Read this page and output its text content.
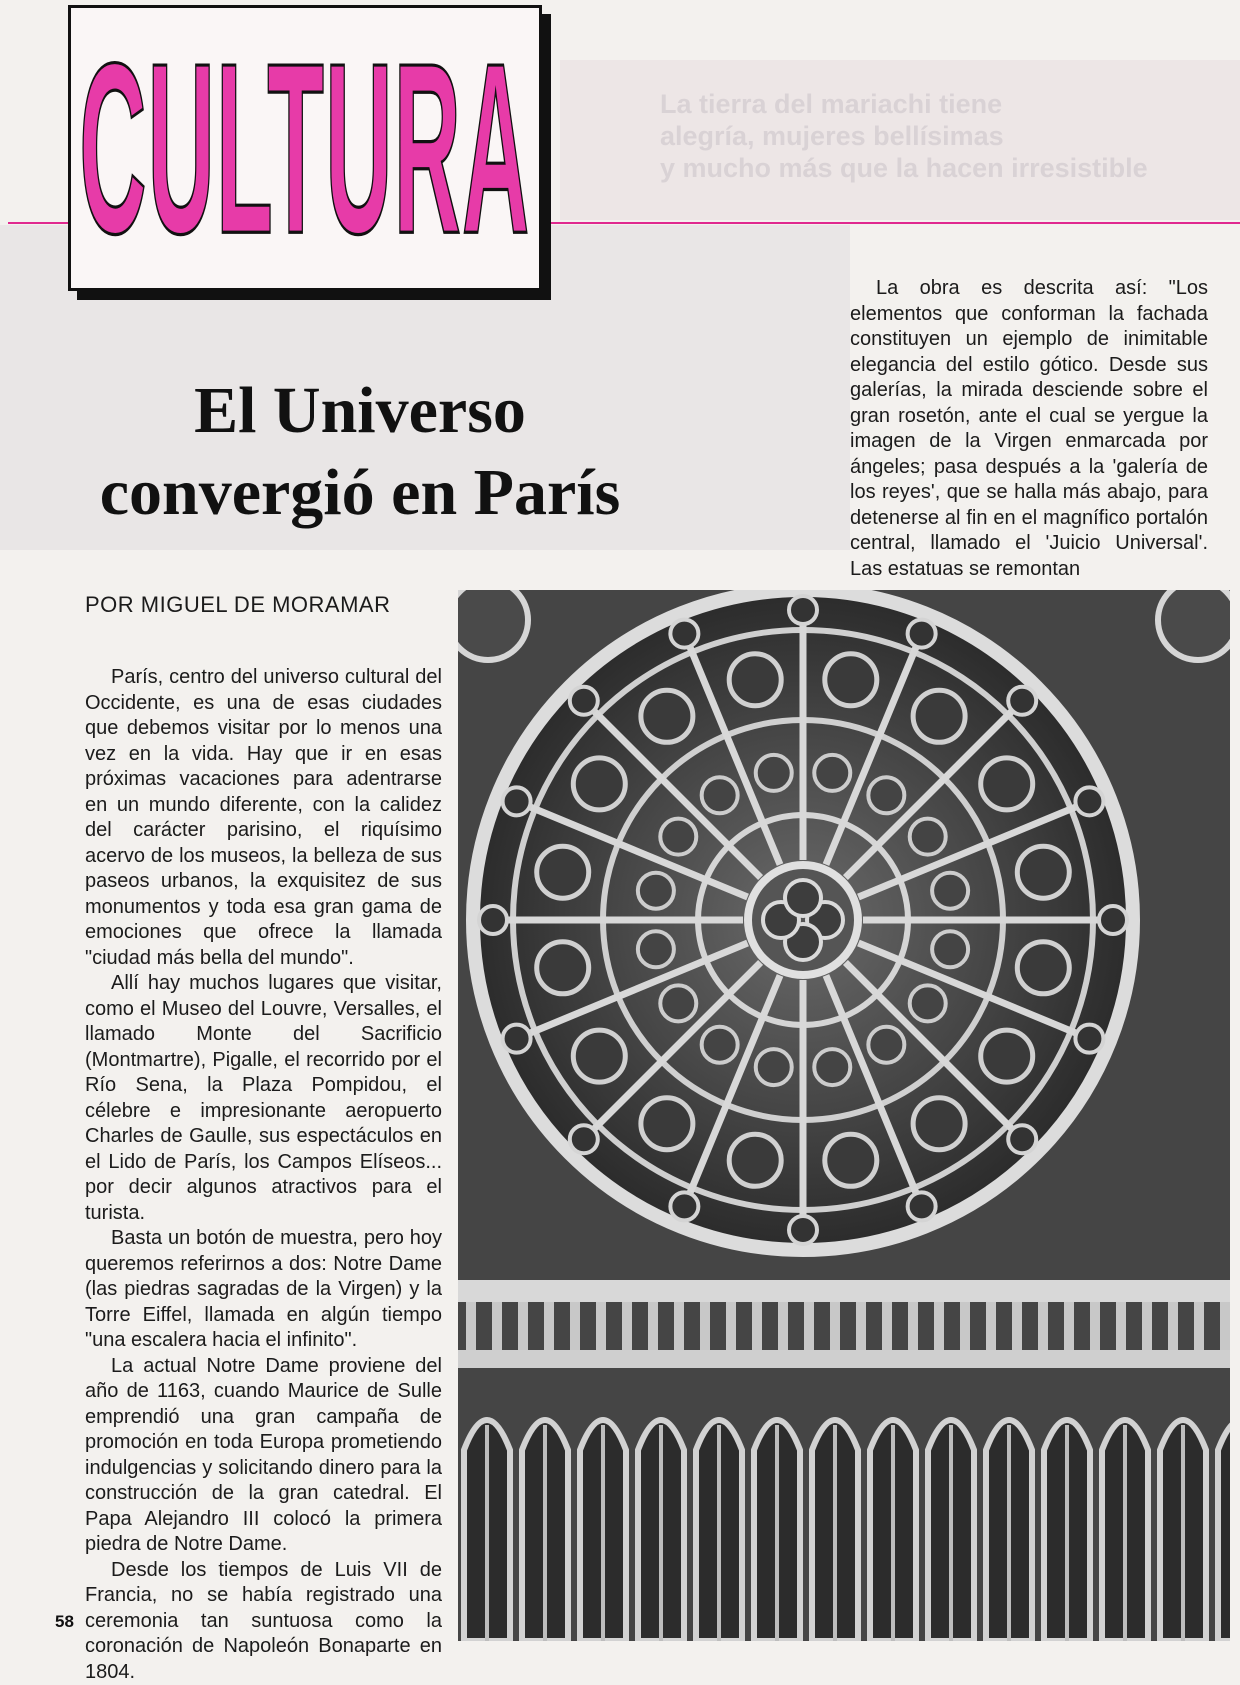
La tierra del mariachi tiene
alegría, mujeres bellísimas
y mucho más que la hacen irresistible
CULTURA
El Universo
convergió en París
POR MIGUEL DE MORAMAR

París, centro del universo cultural del Occidente, es una de esas ciudades que debemos visitar por lo menos una vez en la vida. Hay que ir en esas próximas vacaciones para adentrarse en un mundo diferente, con la calidez del carácter parisino, el riquísimo acervo de los museos, la belleza de sus paseos urbanos, la exquisitez de sus monumentos y toda esa gran gama de emociones que ofrece la llamada "ciudad más bella del mundo".

Allí hay muchos lugares que visitar, como el Museo del Louvre, Versalles, el llamado Monte del Sacrificio (Montmartre), Pigalle, el recorrido por el Río Sena, la Plaza Pompidou, el célebre e impresionante aeropuerto Charles de Gaulle, sus espectáculos en el Lido de París, los Campos Elíseos... por decir algunos atractivos para el turista.

Basta un botón de muestra, pero hoy queremos referirnos a dos: Notre Dame (las piedras sagradas de la Virgen) y la Torre Eiffel, llamada en algún tiempo "una escalera hacia el infinito".

La actual Notre Dame proviene del año de 1163, cuando Maurice de Sulle emprendió una gran campaña de promoción en toda Europa prometiendo indulgencias y solicitando dinero para la construcción de la gran catedral. El Papa Alejandro III colocó la primera piedra de Notre Dame.

Desde los tiempos de Luis VII de Francia, no se había registrado una ceremonia tan suntuosa como la coronación de Napoleón Bonaparte en 1804.

La obra es descrita así: "Los elementos que conforman la fachada constituyen un ejemplo de inimitable elegancia del estilo gótico. Desde sus galerías, la mirada desciende sobre el gran rosetón, ante el cual se yergue la imagen de la Virgen enmarcada por ángeles; pasa después a la 'galería de los reyes', que se halla más abajo, para detenerse al fin en el magnífico portalón central, llamado el 'Juicio Universal'. Las estatuas se remontan

58
